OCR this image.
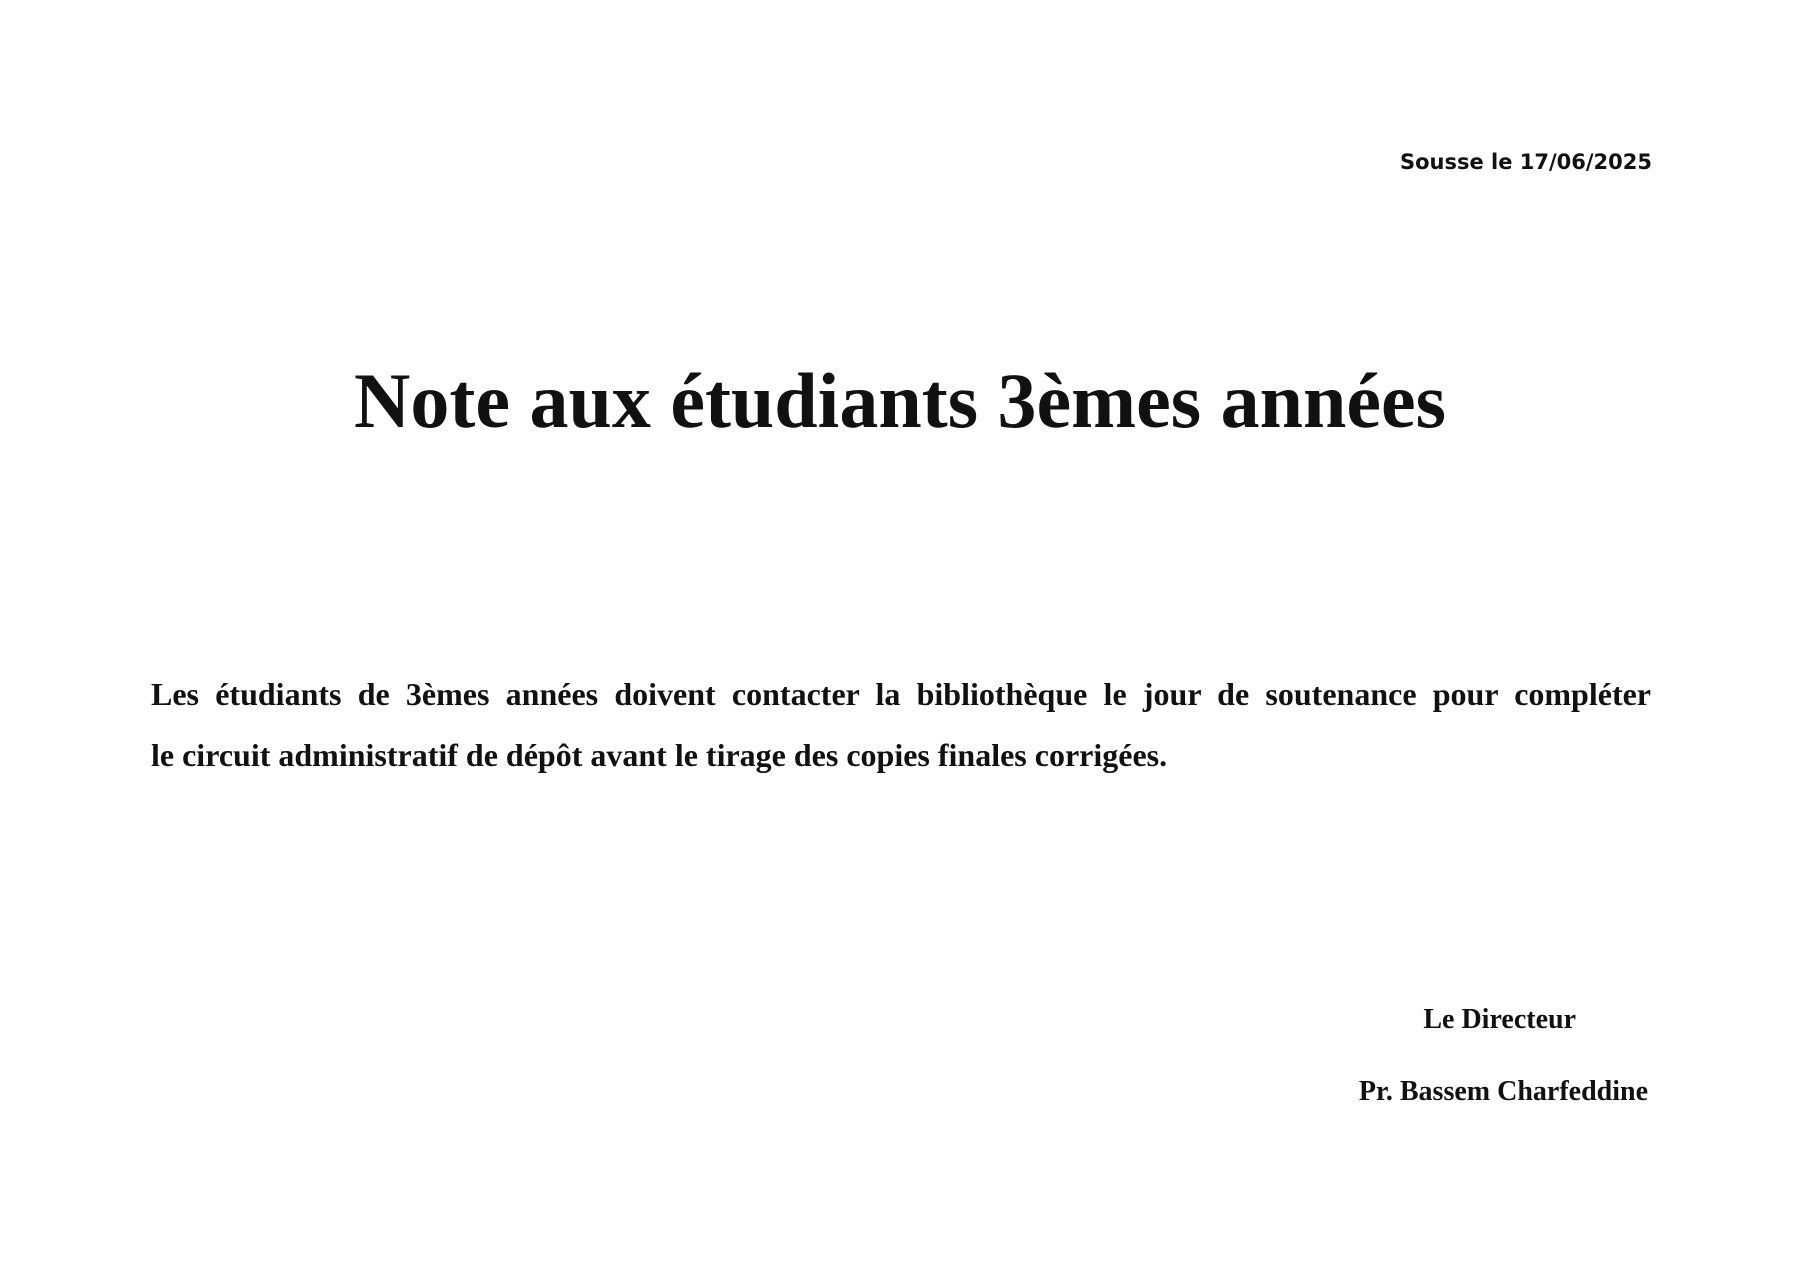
Sousse le 17/06/2025
Note aux étudiants 3èmes années
Les étudiants de 3èmes années doivent contacter la bibliothèque le jour de soutenance pour compléter
le circuit administratif de dépôt avant le tirage des copies finales corrigées.
Le Directeur
Pr. Bassem Charfeddine
